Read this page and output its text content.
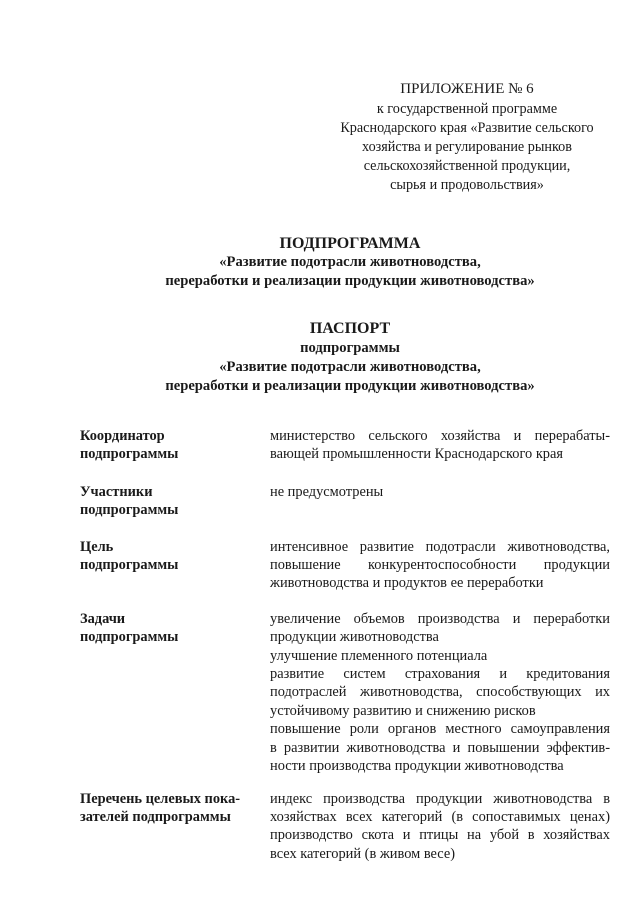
ПРИЛОЖЕНИЕ № 6
к государственной программе
Краснодарского края «Развитие сельского
хозяйства и регулирование рынков
сельскохозяйственной продукции,
сырья и продовольствия»
ПОДПРОГРАММА
«Развитие подотрасли животноводства,
переработки и реализации продукции животноводства»
ПАСПОРТ
подпрограммы
«Развитие подотрасли животноводства,
переработки и реализации продукции животноводства»
Координатор
подпрограммы
министерство сельского хозяйства и перерабаты-
вающей промышленности Краснодарского края
Участники
подпрограммы
не предусмотрены
Цель
подпрограммы
интенсивное развитие подотрасли животноводства,
повышение конкурентоспособности продукции
животноводства и продуктов ее переработки
Задачи
подпрограммы
увеличение объемов производства и переработки
продукции животноводства
улучшение племенного потенциала
развитие систем страхования и кредитования
подотраслей животноводства, способствующих их
устойчивому развитию и снижению рисков
повышение роли органов местного самоуправления
в развитии животноводства и повышении эффектив-
ности производства продукции животноводства
Перечень целевых пока-
зателей подпрограммы
индекс производства продукции животноводства в
хозяйствах всех категорий (в сопоставимых ценах)
производство скота и птицы на убой в хозяйствах
всех категорий (в живом весе)
